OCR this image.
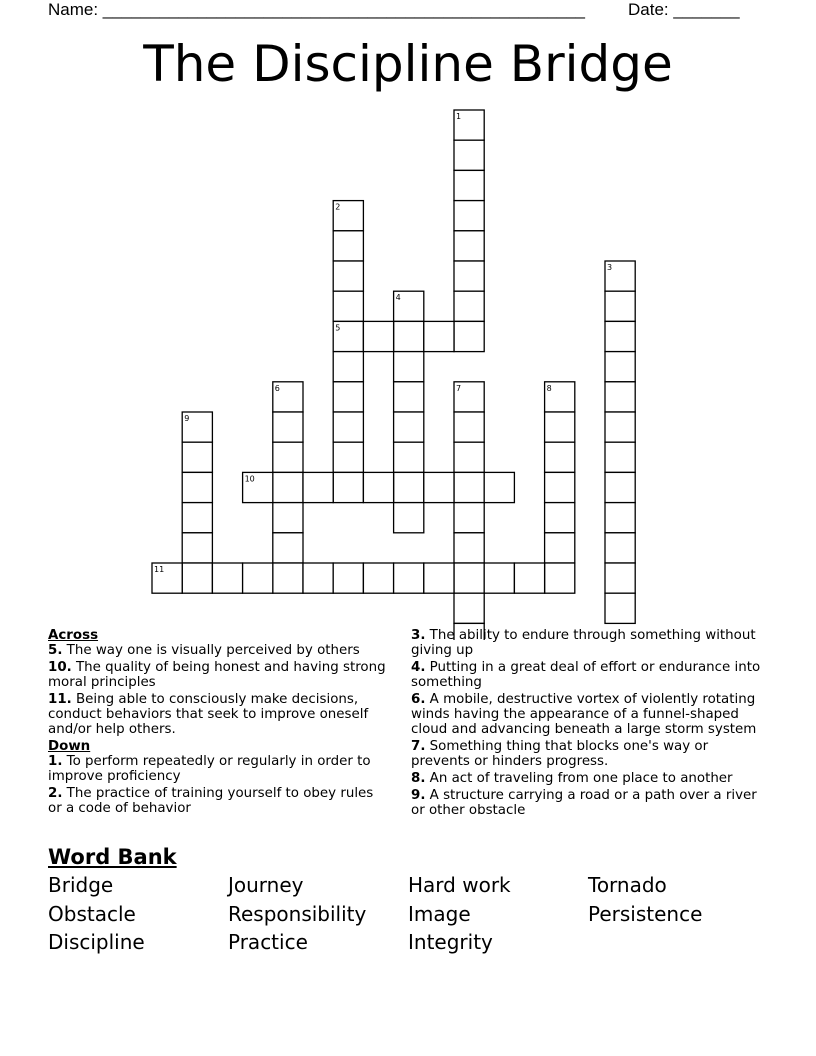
Name: ___________________________________________________	Date: _______
The Discipline Bridge
1
2
3
4
5
6	7	8
9
10
11
Across
5. The way one is visually perceived by others
10. The quality of being honest and having strong moral principles
11. Being able to consciously make decisions, conduct behaviors that seek to improve oneself and/or help others.
Down
1. To perform repeatedly or regularly in order to improve proficiency
2. The practice of training yourself to obey rules or a code of behavior
3. The ability to endure through something without giving up
4. Putting in a great deal of effort or endurance into something
6. A mobile, destructive vortex of violently rotating winds having the appearance of a funnel-shaped cloud and advancing beneath a large storm system
7. Something thing that blocks one's way or prevents or hinders progress.
8. An act of traveling from one place to another
9. A structure carrying a road or a path over a river or other obstacle
Word Bank
Bridge	Journey	Hard work	Tornado
Obstacle	Responsibility	Image	Persistence
Discipline	Practice	Integrity
